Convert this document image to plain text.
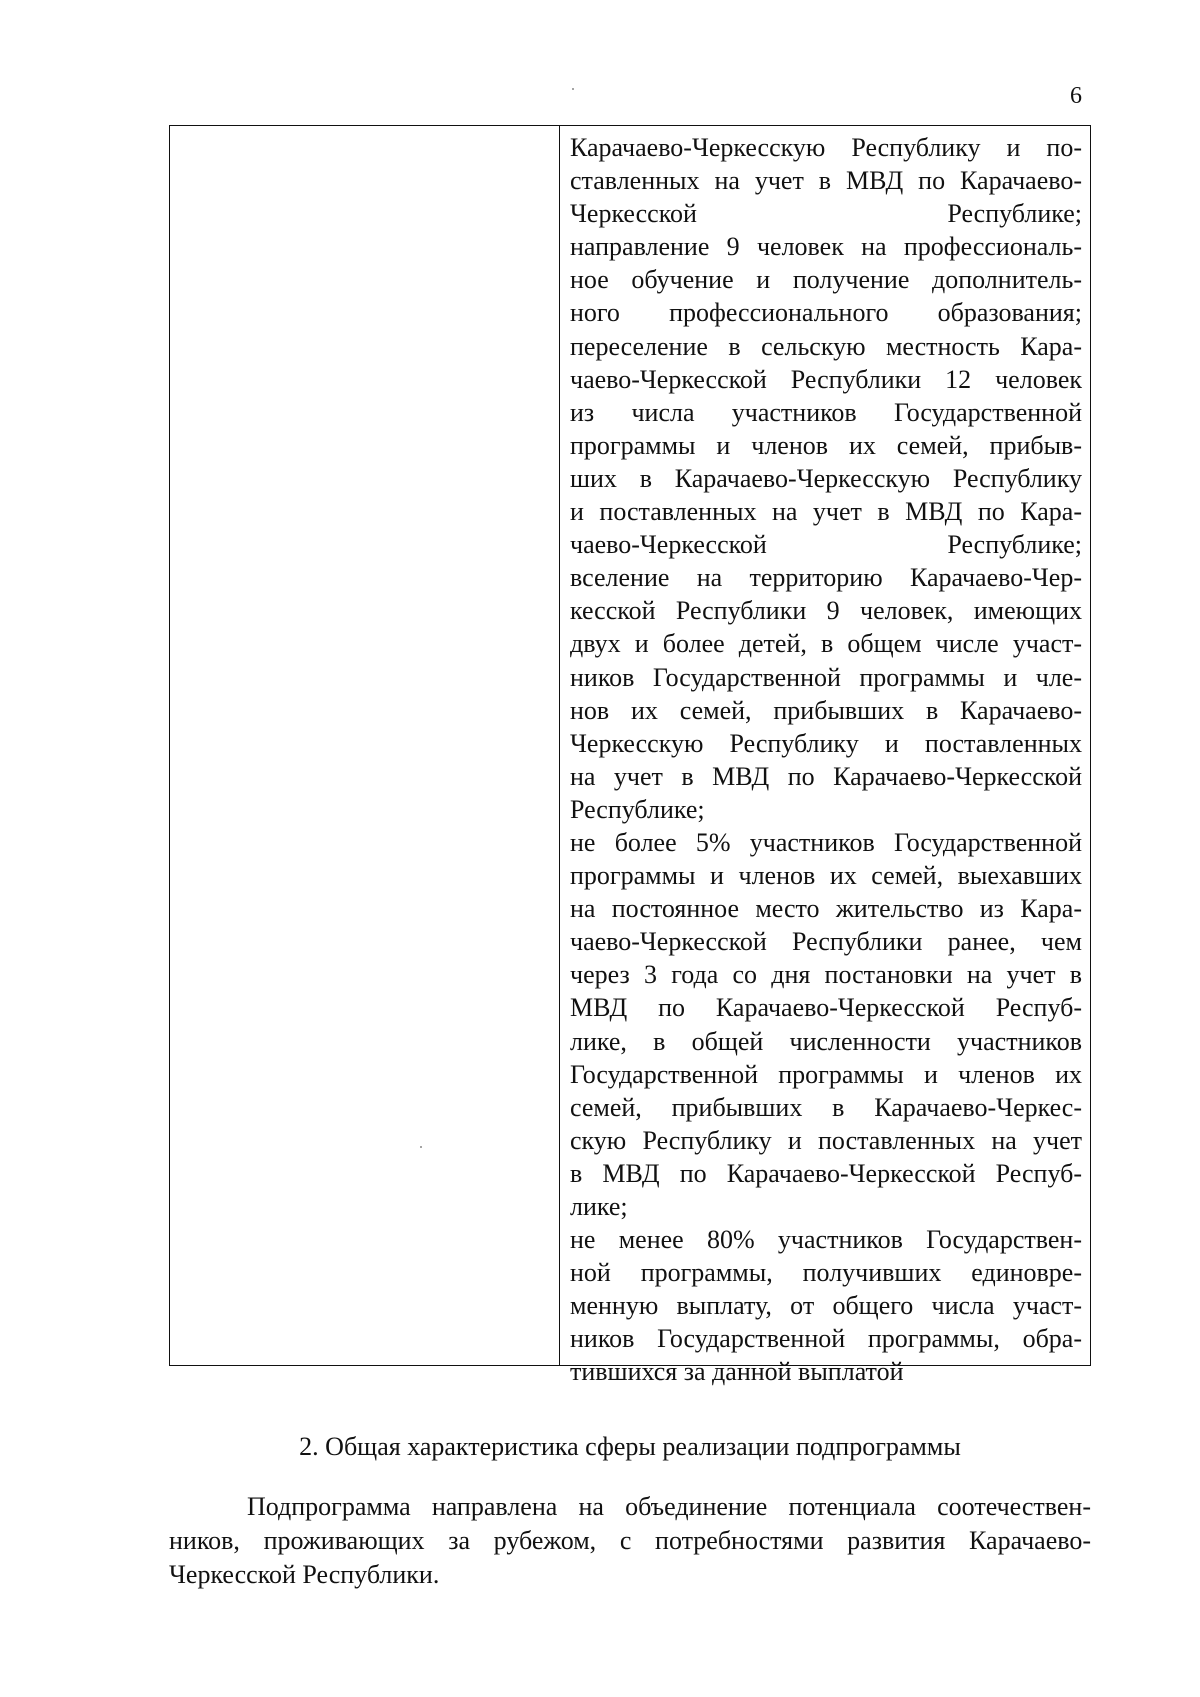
6
Карачаево-Черкесскую Республику и по-
ставленных на учет в МВД по Карачаево-
Черкесской Республике;
направление 9 человек на профессиональ-
ное обучение и получение дополнитель-
ного профессионального образования;
переселение в сельскую местность Кара-
чаево-Черкесской Республики 12 человек
из числа участников Государственной
программы и членов их семей, прибыв-
ших в Карачаево-Черкесскую Республику
и поставленных на учет в МВД по Кара-
чаево-Черкесской Республике;
вселение на территорию Карачаево-Чер-
кесской Республики 9 человек, имеющих
двух и более детей, в общем числе участ-
ников Государственной программы и чле-
нов их семей, прибывших в Карачаево-
Черкесскую Республику и поставленных
на учет в МВД по Карачаево-Черкесской
Республике;
не более 5% участников Государственной
программы и членов их семей, выехавших
на постоянное место жительство из Кара-
чаево-Черкесской Республики ранее, чем
через 3 года со дня постановки на учет в
МВД по Карачаево-Черкесской Респуб-
лике, в общей численности участников
Государственной программы и членов их
семей, прибывших в Карачаево-Черкес-
скую Республику и поставленных на учет
в МВД по Карачаево-Черкесской Респуб-
лике;
не менее 80% участников Государствен-
ной программы, получивших единовре-
менную выплату, от общего числа участ-
ников Государственной программы, обра-
тившихся за данной выплатой
2. Общая характеристика сферы реализации подпрограммы
Подпрограмма направлена на объединение потенциала соотечествен-
ников, проживающих за рубежом, с потребностями развития Карачаево-
Черкесской Республики.
